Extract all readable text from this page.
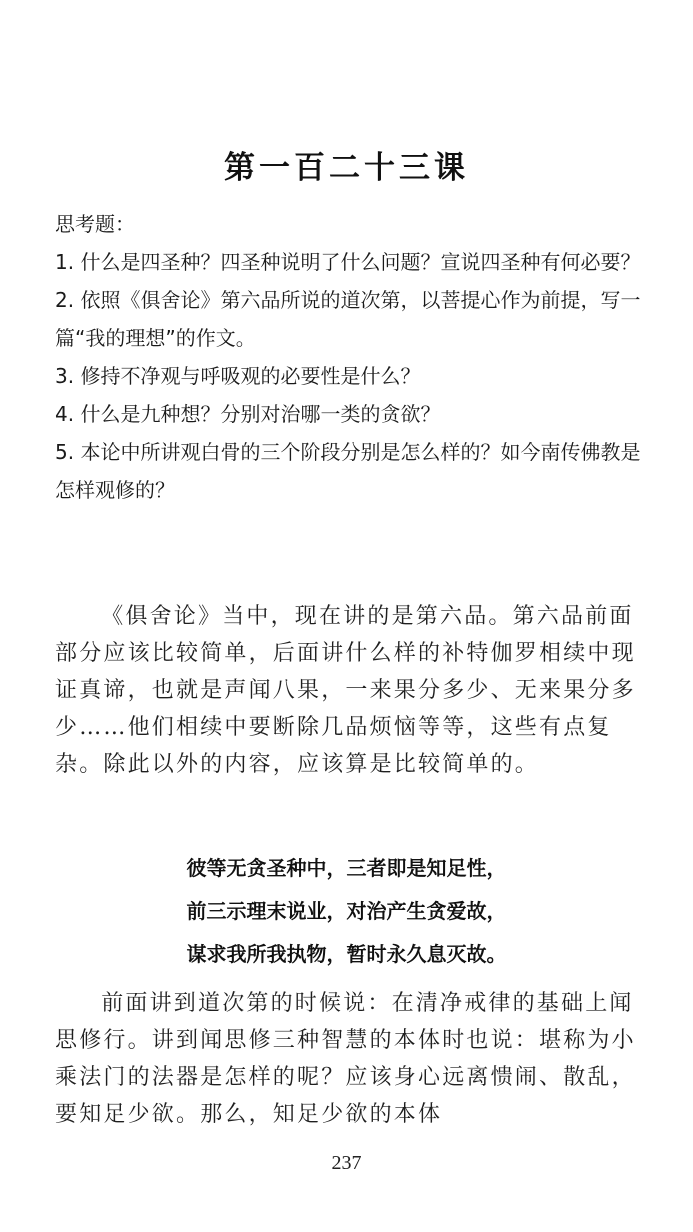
第一百二十三课
思考题：
1. 什么是四圣种？四圣种说明了什么问题？宣说四圣种有何必要？
2. 依照《俱舍论》第六品所说的道次第，以菩提心作为前提，写一篇“我的理想”的作文。
3. 修持不净观与呼吸观的必要性是什么？
4. 什么是九种想？分别对治哪一类的贪欲？
5. 本论中所讲观白骨的三个阶段分别是怎么样的？如今南传佛教是怎样观修的？

《俱舍论》当中，现在讲的是第六品。第六品前面部分应该比较简单，后面讲什么样的补特伽罗相续中现证真谛，也就是声闻八果，一来果分多少、无来果分多少……他们相续中要断除几品烦恼等等，这些有点复杂。除此以外的内容，应该算是比较简单的。

彼等无贪圣种中，三者即是知足性，
前三示理末说业，对治产生贪爱故，
谋求我所我执物，暂时永久息灭故。

前面讲到道次第的时候说：在清净戒律的基础上闻思修行。讲到闻思修三种智慧的本体时也说：堪称为小乘法门的法器是怎样的呢？应该身心远离愦闹、散乱，要知足少欲。那么，知足少欲的本体

237
